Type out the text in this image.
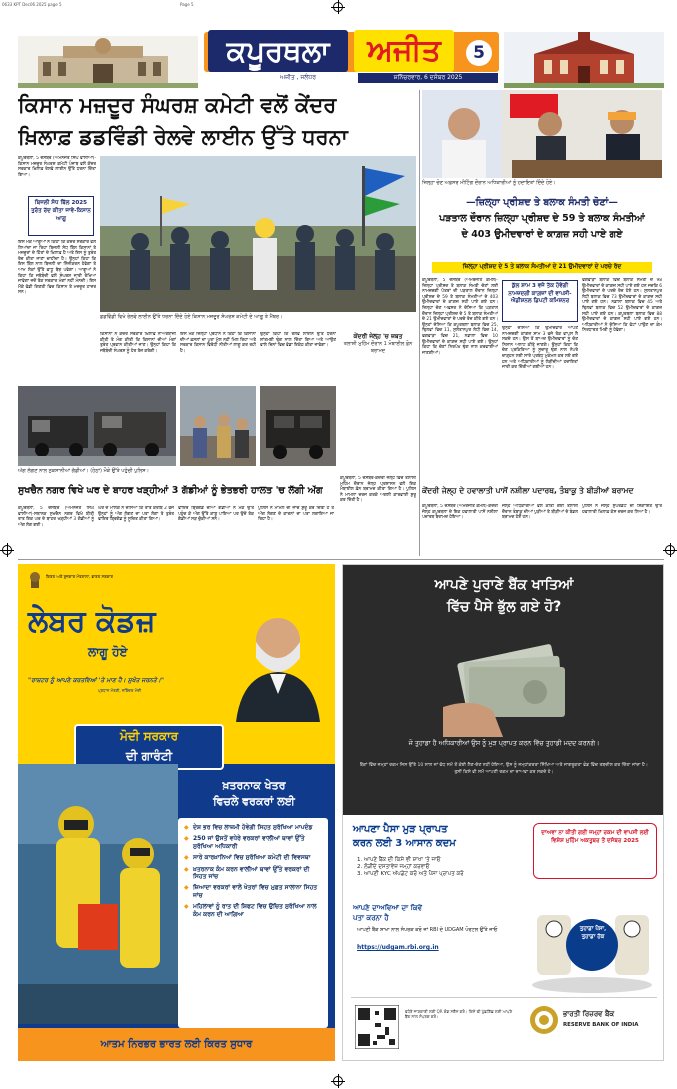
0633 KPT Dec06 2025 page 5	Page 5
ਕਪੂਰਥਲਾ	ਅਜੀਤ	5
ਅਜੀਤ , ਜਲੰਧਰ	ਸ਼ਨਿੱਚਰਵਾਰ, 6 ਦਸੰਬਰ 2025
ਕਿਸਾਨ ਮਜ਼ਦੂਰ ਸੰਘਰਸ਼ ਕਮੇਟੀ ਵਲੋਂ ਕੇਂਦਰ
ਖ਼ਿਲਾਫ਼ ਡਡਵਿੰਡੀ ਰੇਲਵੇ ਲਾਈਨ ਉੱਤੇ ਧਰਨਾ
ਕਪੂਰਥਲਾ, 5 ਦਸੰਬਰ (ਅਮਨਜੋਤ ਸਿੰਘ ਵਾਲੀਆ)-ਕਿਸਾਨ ਮਜ਼ਦੂਰ ਸੰਘਰਸ਼ ਕਮੇਟੀ ਪੰਜਾਬ ਵਲੋਂ ਕੇਂਦਰ ਸਰਕਾਰ ਖ਼ਿਲਾਫ਼ ਰੇਲਵੇ ਲਾਈਨ ਉੱਤੇ ਧਰਨਾ ਦਿੱਤਾ ਗਿਆ।
ਬਿਜਲੀ ਸੋਧ ਬਿੱਲ 2025 ਤੁਰੰਤ ਰੱਦ ਕੀਤਾ ਜਾਵੇ-ਕਿਸਾਨ ਆਗੂ
ਇਸ ਮੌਕੇ ਆਗੂਆਂ ਨੇ ਕਿਹਾ ਕਿ ਕੇਂਦਰ ਸਰਕਾਰ ਵਲੋਂ ਲਿਆਂਦਾ ਜਾ ਰਿਹਾ ਬਿਜਲੀ ਸੋਧ ਬਿੱਲ ਕਿਸਾਨਾਂ ਤੇ ਮਜ਼ਦੂਰਾਂ ਦੇ ਹਿੱਤਾਂ ਦੇ ਖ਼ਿਲਾਫ਼ ਹੈ ਅਤੇ ਇਸ ਨੂੰ ਤੁਰੰਤ ਰੱਦ ਕੀਤਾ ਜਾਣਾ ਚਾਹੀਦਾ ਹੈ। ਉਨ੍ਹਾਂ ਕਿਹਾ ਕਿ ਇਸ ਬਿੱਲ ਨਾਲ ਬਿਜਲੀ ਦਾ ਨਿੱਜੀਕਰਨ ਹੋਵੇਗਾ ਤੇ ਆਮ ਲੋਕਾਂ ਉੱਤੇ ਵਾਧੂ ਬੋਝ ਪਵੇਗਾ। ਆਗੂਆਂ ਨੇ ਕਿਹਾ ਕਿ ਜਥੇਬੰਦੀ ਵਲੋਂ ਸੰਘਰਸ਼ ਜਾਰੀ ਰੱਖਿਆ ਜਾਵੇਗਾ ਜਦੋਂ ਤੱਕ ਸਰਕਾਰ ਮੰਗਾਂ ਨਹੀਂ ਮੰਨਦੀ। ਇਸ ਮੌਕੇ ਵੱਡੀ ਗਿਣਤੀ ਵਿਚ ਕਿਸਾਨ ਤੇ ਮਜ਼ਦੂਰ ਹਾਜ਼ਰ ਸਨ।
ਡਡਵਿੰਡੀ ਵਿਖੇ ਰੇਲਵੇ ਲਾਈਨ ਉੱਤੇ ਧਰਨਾ ਦਿੰਦੇ ਹੋਏ ਕਿਸਾਨ ਮਜ਼ਦੂਰ ਸੰਘਰਸ਼ ਕਮੇਟੀ ਦੇ ਆਗੂ ਤੇ ਮੈਂਬਰ।
ਕਿਸਾਨਾਂ ਨੇ ਕੇਂਦਰ ਸਰਕਾਰ ਖ਼ਿਲਾਫ਼ ਨਾਅਰੇਬਾਜ਼ੀ ਕੀਤੀ ਤੇ ਮੰਗ ਕੀਤੀ ਕਿ ਕਿਸਾਨਾਂ ਦੀਆਂ ਮੰਗਾਂ ਤੁਰੰਤ ਪ੍ਰਵਾਨ ਕੀਤੀਆਂ ਜਾਣ। ਉਨ੍ਹਾਂ ਕਿਹਾ ਕਿ ਜਥੇਬੰਦੀ ਸੰਘਰਸ਼ ਨੂੰ ਹੋਰ ਤੇਜ਼ ਕਰੇਗੀ।
ਇਸ ਮੌਕੇ ਜ਼ਿਲ੍ਹਾ ਪ੍ਰਧਾਨ ਨੇ ਕਿਹਾ ਕਿ ਕਿਸਾਨਾਂ ਦੀਆਂ ਫ਼ਸਲਾਂ ਦਾ ਪੂਰਾ ਮੁੱਲ ਨਹੀਂ ਮਿਲ ਰਿਹਾ ਅਤੇ ਸਰਕਾਰ ਕਿਸਾਨ ਵਿਰੋਧੀ ਨੀਤੀਆਂ ਲਾਗੂ ਕਰ ਰਹੀ ਹੈ।
ਉਨ੍ਹਾਂ ਕਿਹਾ ਕਿ ਰੇਲਵੇ ਲਾਈਨ ਉੱਤੇ ਧਰਨਾ ਸ਼ਾਂਤਮਈ ਢੰਗ ਨਾਲ ਦਿੱਤਾ ਗਿਆ ਅਤੇ ਆਉਣ ਵਾਲੇ ਦਿਨਾਂ ਵਿਚ ਵੱਡਾ ਇਕੱਠ ਕੀਤਾ ਜਾਵੇਗਾ।
ਕੇਂਦਰੀ ਜੇਲ੍ਹ 'ਚ ਜ਼ਬਤ
ਤਲਾਸ਼ੀ ਮੁਹਿੰਮ ਦੌਰਾਨ 1 ਮੋਬਾਈਲ ਫ਼ੋਨ ਬਰਾਮਦ
ਜ਼ਿਲ੍ਹਾ ਚੋਣ ਅਫ਼ਸਰ ਮੀਟਿੰਗ ਦੌਰਾਨ ਅਧਿਕਾਰੀਆਂ ਨੂੰ ਹਦਾਇਤਾਂ ਦਿੰਦੇ ਹੋਏ।
—ਜ਼ਿਲ੍ਹਾ ਪ੍ਰੀਸ਼ਦ ਤੇ ਬਲਾਕ ਸੰਮਤੀ ਚੋਣਾਂ—
ਪੜਤਾਲ ਦੌਰਾਨ ਜ਼ਿਲ੍ਹਾ ਪ੍ਰੀਸ਼ਦ ਦੇ 59 ਤੇ ਬਲਾਕ ਸੰਮਤੀਆਂ
ਦੇ 403 ਉਮੀਦਵਾਰਾਂ ਦੇ ਕਾਗ਼ਜ਼ ਸਹੀ ਪਾਏ ਗਏ
ਜ਼ਿਲ੍ਹਾ ਪ੍ਰੀਸ਼ਦ ਦੇ 5 ਤੇ ਬਲਾਕ ਸੰਮਤੀਆਂ ਦੇ 21 ਉਮੀਦਵਾਰਾਂ ਦੇ ਪਰਚੇ ਰੱਦ
ਕਪੂਰਥਲਾ, 5 ਦਸੰਬਰ (ਅਮਰਜੀਤ ਕੋਮਲ)-ਜ਼ਿਲ੍ਹਾ ਪ੍ਰੀਸ਼ਦ ਤੇ ਬਲਾਕ ਸੰਮਤੀ ਚੋਣਾਂ ਲਈ ਨਾਮਜ਼ਦਗੀ ਪੱਤਰਾਂ ਦੀ ਪੜਤਾਲ ਦੌਰਾਨ ਜ਼ਿਲ੍ਹਾ ਪ੍ਰੀਸ਼ਦ ਦੇ 59 ਤੇ ਬਲਾਕ ਸੰਮਤੀਆਂ ਦੇ 403 ਉਮੀਦਵਾਰਾਂ ਦੇ ਕਾਗ਼ਜ਼ ਸਹੀ ਪਾਏ ਗਏ ਹਨ। ਜ਼ਿਲ੍ਹਾ ਚੋਣ ਅਫ਼ਸਰ ਨੇ ਦੱਸਿਆ ਕਿ ਪੜਤਾਲ ਦੌਰਾਨ ਜ਼ਿਲ੍ਹਾ ਪ੍ਰੀਸ਼ਦ ਦੇ 5 ਤੇ ਬਲਾਕ ਸੰਮਤੀਆਂ ਦੇ 21 ਉਮੀਦਵਾਰਾਂ ਦੇ ਪਰਚੇ ਰੱਦ ਕੀਤੇ ਗਏ ਹਨ। ਉਨ੍ਹਾਂ ਦੱਸਿਆ ਕਿ ਕਪੂਰਥਲਾ ਬਲਾਕ ਵਿਚ 25, ਢਿਲਵਾਂ ਵਿਚ 11, ਸੁਲਤਾਨਪੁਰ ਲੋਧੀ ਵਿਚ 14, ਫਗਵਾੜਾ ਵਿਚ 21, ਨਡਾਲਾ ਵਿਚ 10 ਉਮੀਦਵਾਰਾਂ ਦੇ ਕਾਗ਼ਜ਼ ਸਹੀ ਪਾਏ ਗਏ। ਉਨ੍ਹਾਂ ਕਿਹਾ ਕਿ ਚੋਣਾਂ ਨਿਰਪੱਖ ਢੰਗ ਨਾਲ ਕਰਵਾਈਆਂ ਜਾਣਗੀਆਂ।
ਕੁੱਲ ਸ਼ਾਮ 3 ਵਜੇ ਤੱਕ ਹੋਵੇਗੀ ਨਾਮਜ਼ਦਗੀ ਕਾਗ਼ਜ਼ਾਂ ਦੀ ਵਾਪਸੀ-ਐਡੀਸ਼ਨਲ ਡਿਪਟੀ ਕਮਿਸ਼ਨਰ
ਉਨ੍ਹਾਂ ਦੱਸਿਆ ਕਿ ਉਮੀਦਵਾਰ ਆਪਣੇ ਨਾਮਜ਼ਦਗੀ ਕਾਗ਼ਜ਼ ਸ਼ਾਮ 3 ਵਜੇ ਤੱਕ ਵਾਪਸ ਲੈ ਸਕਦੇ ਹਨ। ਉਸ ਤੋਂ ਬਾਅਦ ਉਮੀਦਵਾਰਾਂ ਨੂੰ ਚੋਣ ਨਿਸ਼ਾਨ ਅਲਾਟ ਕੀਤੇ ਜਾਣਗੇ। ਉਨ੍ਹਾਂ ਕਿਹਾ ਕਿ ਚੋਣ ਪ੍ਰਕਿਰਿਆ ਨੂੰ ਸੁਚਾਰੂ ਢੰਗ ਨਾਲ ਨੇਪਰੇ ਚਾੜ੍ਹਨ ਲਈ ਸਾਰੇ ਪ੍ਰਬੰਧ ਮੁਕੰਮਲ ਕਰ ਲਏ ਗਏ ਹਨ ਅਤੇ ਅਧਿਕਾਰੀਆਂ ਨੂੰ ਲੋੜੀਂਦੀਆਂ ਹਦਾਇਤਾਂ ਜਾਰੀ ਕਰ ਦਿੱਤੀਆਂ ਗਈਆਂ ਹਨ।
ਫਗਵਾੜਾ ਬਲਾਕ ਵਿਚ ਬਲਾਕ ਸੰਮਤੀ ਦੇ 98 ਉਮੀਦਵਾਰਾਂ ਦੇ ਕਾਗ਼ਜ਼ ਸਹੀ ਪਾਏ ਗਏ ਹਨ ਜਦਕਿ 6 ਉਮੀਦਵਾਰਾਂ ਦੇ ਪਰਚੇ ਰੱਦ ਹੋਏ ਹਨ। ਸੁਲਤਾਨਪੁਰ ਲੋਧੀ ਬਲਾਕ ਵਿਚ 73 ਉਮੀਦਵਾਰਾਂ ਦੇ ਕਾਗ਼ਜ਼ ਸਹੀ ਪਾਏ ਗਏ ਹਨ। ਨਡਾਲਾ ਬਲਾਕ ਵਿਚ 45 ਅਤੇ ਢਿਲਵਾਂ ਬਲਾਕ ਵਿਚ 52 ਉਮੀਦਵਾਰਾਂ ਦੇ ਕਾਗ਼ਜ਼ ਸਹੀ ਪਾਏ ਗਏ ਹਨ। ਕਪੂਰਥਲਾ ਬਲਾਕ ਵਿਚ 88 ਉਮੀਦਵਾਰਾਂ ਦੇ ਕਾਗ਼ਜ਼ ਸਹੀ ਪਾਏ ਗਏ ਹਨ। ਅਧਿਕਾਰੀਆਂ ਨੇ ਦੱਸਿਆ ਕਿ ਵੋਟਾਂ ਪਾਉਣ ਦਾ ਕੰਮ ਨਿਰਧਾਰਤ ਮਿਤੀ ਨੂੰ ਹੋਵੇਗਾ।
ਅੱਗ ਲੱਗਣ ਨਾਲ ਨੁਕਸਾਨੀਆਂ ਗੱਡੀਆਂ। (ਹੇਠਾਂ) ਮੌਕੇ ਉੱਤੇ ਪਹੁੰਚੀ ਪੁਲਿਸ।
ਸੁਖਚੈਨ ਨਗਰ ਵਿਖੇ ਘਰ ਦੇ ਬਾਹਰ ਖੜ੍ਹੀਆਂ 3 ਗੱਡੀਆਂ ਨੂੰ ਭੇਤਭਰੀ ਹਾਲਤ 'ਚ ਲੱਗੀ ਅੱਗ
ਕਪੂਰਥਲਾ, 5 ਦਸੰਬਰ (ਅਮਨਜੋਤ ਸਿੰਘ ਵਾਲੀਆ)-ਸਥਾਨਕ ਸੁਖਚੈਨ ਨਗਰ ਵਿਖੇ ਬੀਤੀ ਰਾਤ ਇਕ ਘਰ ਦੇ ਬਾਹਰ ਖੜ੍ਹੀਆਂ 3 ਗੱਡੀਆਂ ਨੂੰ ਅੱਗ ਲੱਗ ਗਈ।
ਘਰ ਦੇ ਮਾਲਕ ਨੇ ਦੱਸਿਆ ਕਿ ਰਾਤ ਕਰੀਬ 2 ਵਜੇ ਉਨ੍ਹਾਂ ਨੂੰ ਅੱਗ ਲੱਗਣ ਦਾ ਪਤਾ ਲੱਗਾ ਤੇ ਤੁਰੰਤ ਫਾਇਰ ਬ੍ਰਿਗੇਡ ਨੂੰ ਸੂਚਿਤ ਕੀਤਾ ਗਿਆ।
ਫਾਇਰ ਬ੍ਰਿਗੇਡ ਦੀਆਂ ਗੱਡੀਆਂ ਨੇ ਮੌਕੇ ਉੱਤੇ ਪਹੁੰਚ ਕੇ ਅੱਗ ਉੱਤੇ ਕਾਬੂ ਪਾਇਆ ਪਰ ਉਦੋਂ ਤੱਕ ਗੱਡੀਆਂ ਸੜ ਚੁੱਕੀਆਂ ਸਨ।
ਪੁਲਿਸ ਨੇ ਮਾਮਲੇ ਦੀ ਜਾਂਚ ਸ਼ੁਰੂ ਕਰ ਦਿੱਤੀ ਹੈ ਤੇ ਅੱਗ ਲੱਗਣ ਦੇ ਕਾਰਨਾਂ ਦਾ ਪਤਾ ਲਗਾਇਆ ਜਾ ਰਿਹਾ ਹੈ।
ਕਪੂਰਥਲਾ, 5 ਦਸੰਬਰ-ਕੇਂਦਰੀ ਜੇਲ੍ਹ ਵਿਚ ਤਲਾਸ਼ੀ ਮੁਹਿੰਮ ਦੌਰਾਨ ਜੇਲ੍ਹ ਪ੍ਰਸ਼ਾਸਨ ਵਲੋਂ ਇਕ ਮੋਬਾਈਲ ਫ਼ੋਨ ਬਰਾਮਦ ਕੀਤਾ ਗਿਆ ਹੈ। ਪੁਲਿਸ ਨੇ ਮਾਮਲਾ ਦਰਜ ਕਰਕੇ ਅਗਲੀ ਕਾਰਵਾਈ ਸ਼ੁਰੂ ਕਰ ਦਿੱਤੀ ਹੈ।
ਕੇਂਦਰੀ ਜੇਲ੍ਹ ਦੇ ਹਵਾਲਾਤੀ ਪਾਸੋਂ ਨਸ਼ੀਲਾ ਪਦਾਰਥ, ਤੰਬਾਕੂ ਤੇ ਬੀੜੀਆਂ ਬਰਾਮਦ
ਕਪੂਰਥਲਾ, 5 ਦਸੰਬਰ (ਅਮਰਜੀਤ ਕੋਮਲ)-ਕੇਂਦਰੀ ਜੇਲ੍ਹ ਕਪੂਰਥਲਾ ਦੇ ਇਕ ਹਵਾਲਾਤੀ ਪਾਸੋਂ ਨਸ਼ੀਲਾ ਪਦਾਰਥ ਬਰਾਮਦ ਹੋਇਆ।
ਜੇਲ੍ਹ ਅਧਿਕਾਰੀਆਂ ਵਲੋਂ ਕੀਤੀ ਗਈ ਤਲਾਸ਼ੀ ਦੌਰਾਨ ਤੰਬਾਕੂ ਦੀਆਂ ਪੁੜੀਆਂ ਤੇ ਬੀੜੀਆਂ ਦੇ ਬੰਡਲ ਬਰਾਮਦ ਹੋਏ ਹਨ।
ਪੁਲਿਸ ਨੇ ਜੇਲ੍ਹ ਸੁਪਰਡੈਂਟ ਦੀ ਸ਼ਿਕਾਇਤ ਉੱਤੇ ਹਵਾਲਾਤੀ ਖ਼ਿਲਾਫ਼ ਕੇਸ ਦਰਜ ਕਰ ਲਿਆ ਹੈ।
ਕਿਰਤ ਅਤੇ ਰੁਜ਼ਗਾਰ ਮੰਤਰਾਲਾ, ਭਾਰਤ ਸਰਕਾਰ
ਲੇਬਰ ਕੋਡਜ਼
ਲਾਗੂ ਹੋਏ
"ਰਾਸ਼ਟਰ ਨੂੰ ਆਪਣੇ ਕਰਤਵਿਆਂ 'ਤੇ ਮਾਣ ਹੈ। ਸੁਖੰਤ ਜਰਨਤੇ।"
ਪ੍ਰਧਾਨ ਮੰਤਰੀ, ਨਰਿੰਦਰ ਮੋਦੀ
ਮੋਦੀ ਸਰਕਾਰ
ਦੀ ਗਾਰੰਟੀ
ਖ਼ਤਰਨਾਕ ਖੇਤਰ
ਵਿਚਲੇ ਵਰਕਰਾਂ ਲਈ
◆ ਦੇਸ਼ ਭਰ ਵਿਚ ਲਾਜ਼ਮੀ ਹੋਵੇਗੀ ਸਿਹਤ ਸੁਰੱਖਿਆ ਮਾਪਦੰਡ
◆ 250 ਜਾਂ ਉਸਤੋਂ ਵਧੇਰੇ ਵਰਕਰਾਂ ਵਾਲੀਆਂ ਥਾਵਾਂ ਉੱਤੇ ਸੁਰੱਖਿਆ ਅਧਿਕਾਰੀ
◆ ਸਾਰੇ ਕਾਰਖ਼ਾਨਿਆਂ ਵਿਚ ਸੁਰੱਖਿਆ ਕਮੇਟੀ ਦੀ ਵਿਵਸਥਾ
◆ ਖ਼ਤਰਨਾਕ ਕੰਮ ਕਰਨ ਵਾਲੀਆਂ ਥਾਵਾਂ ਉੱਤੇ ਵਰਕਰਾਂ ਦੀ ਸਿਹਤ ਜਾਂਚ
◆ ਜ਼ਿਆਦਾ ਵਰਕਰਾਂ ਵਾਲੇ ਖੇਤਰਾਂ ਵਿਚ ਮੁਫ਼ਤ ਸਾਲਾਨਾ ਸਿਹਤ ਜਾਂਚ
◆ ਮਹਿਲਾਵਾਂ ਨੂੰ ਰਾਤ ਦੀ ਸ਼ਿਫਟ ਵਿਚ ਉਚਿਤ ਸੁਰੱਖਿਆ ਨਾਲ ਕੰਮ ਕਰਨ ਦੀ ਆਗਿਆ
ਆਤਮ ਨਿਰਭਰ ਭਾਰਤ ਲਈ ਕਿਰਤ ਸੁਧਾਰ
ਆਪਣੇ ਪੁਰਾਣੇ ਬੈਂਕ ਖਾਤਿਆਂ
ਵਿੱਚ ਪੈਸੇ ਭੁੱਲ ਗਏ ਹੋ?
ਜੋ ਤੁਹਾਡਾ ਹੈ ਅਧਿਕਾਰੀਆਂ ਉਸ ਨੂੰ ਮੁੜ ਪ੍ਰਾਪਤ ਕਰਨ ਵਿੱਚ ਤੁਹਾਡੀ ਮਦਦ ਕਰਨਗੇ।
ਬੈਂਕਾਂ ਵਿੱਚ ਜਮ੍ਹਾਂ ਰਕਮ ਜਿਸ ਉੱਤੇ 10 ਸਾਲ ਜਾਂ ਵੱਧ ਸਮੇਂ ਤੋਂ ਕੋਈ ਲੈਣ-ਦੇਣ ਨਹੀਂ ਹੋਇਆ, ਉਸ ਨੂੰ ਜਮ੍ਹਾਂਕਰਤਾ ਸਿੱਖਿਆ ਅਤੇ ਜਾਗਰੂਕਤਾ ਫੰਡ ਵਿੱਚ ਤਬਦੀਲ ਕਰ ਦਿੱਤਾ ਜਾਂਦਾ ਹੈ। ਤੁਸੀਂ ਕਿਸੇ ਵੀ ਸਮੇਂ ਆਪਣੀ ਰਕਮ ਦਾ ਦਾਅਵਾ ਕਰ ਸਕਦੇ ਹੋ।
ਆਪਣਾ ਪੈਸਾ ਮੁੜ ਪ੍ਰਾਪਤ
ਕਰਨ ਲਈ 3 ਆਸਾਨ ਕਦਮ
1. ਆਪਣੇ ਬੈਂਕ ਦੀ ਕਿਸੇ ਵੀ ਸ਼ਾਖਾ 'ਤੇ ਜਾਓ
2. ਲੋੜੀਂਦੇ ਦਸਤਾਵੇਜ਼ ਜਮ੍ਹਾਂ ਕਰਵਾਓ
3. ਆਪਣੀ KYC ਅੱਪਡੇਟ ਕਰੋ ਅਤੇ ਪੈਸਾ ਪ੍ਰਾਪਤ ਕਰੋ
ਦਾਅਵਾ ਨਾ ਕੀਤੀ ਗਈ ਜਮ੍ਹਾਂ ਰਕਮ ਦੀ ਵਾਪਸੀ ਲਈ ਵਿਸ਼ੇਸ਼ ਮੁਹਿੰਮ ਅਕਤੂਬਰ ਤੋਂ ਦਸੰਬਰ 2025
ਆਪਣੇ ਦਾਅਵਿਆਂ ਦਾ ਕਿਵੇਂ
ਪਤਾ ਕਰਨਾ ਹੈ
ਆਪਣੀ ਬੈਂਕ ਸ਼ਾਖਾ ਨਾਲ ਸੰਪਰਕ ਕਰੋ ਜਾਂ RBI ਦੇ UDGAM ਪੋਰਟਲ ਉੱਤੇ ਜਾਓ
https://udgam.rbi.org.in
ਤੁਹਾਡਾ ਪੈਸਾ,
ਤੁਹਾਡਾ ਹੱਕ
ਵਧੇਰੇ ਜਾਣਕਾਰੀ ਲਈ QR ਕੋਡ ਸਕੈਨ ਕਰੋ। ਕਿਸੇ ਵੀ ਪੁੱਛਗਿੱਛ ਲਈ ਆਪਣੇ ਬੈਂਕ ਨਾਲ ਸੰਪਰਕ ਕਰੋ।	ਭਾਰਤੀ ਰਿਜ਼ਰਵ ਬੈਂਕ
RESERVE BANK OF INDIA
